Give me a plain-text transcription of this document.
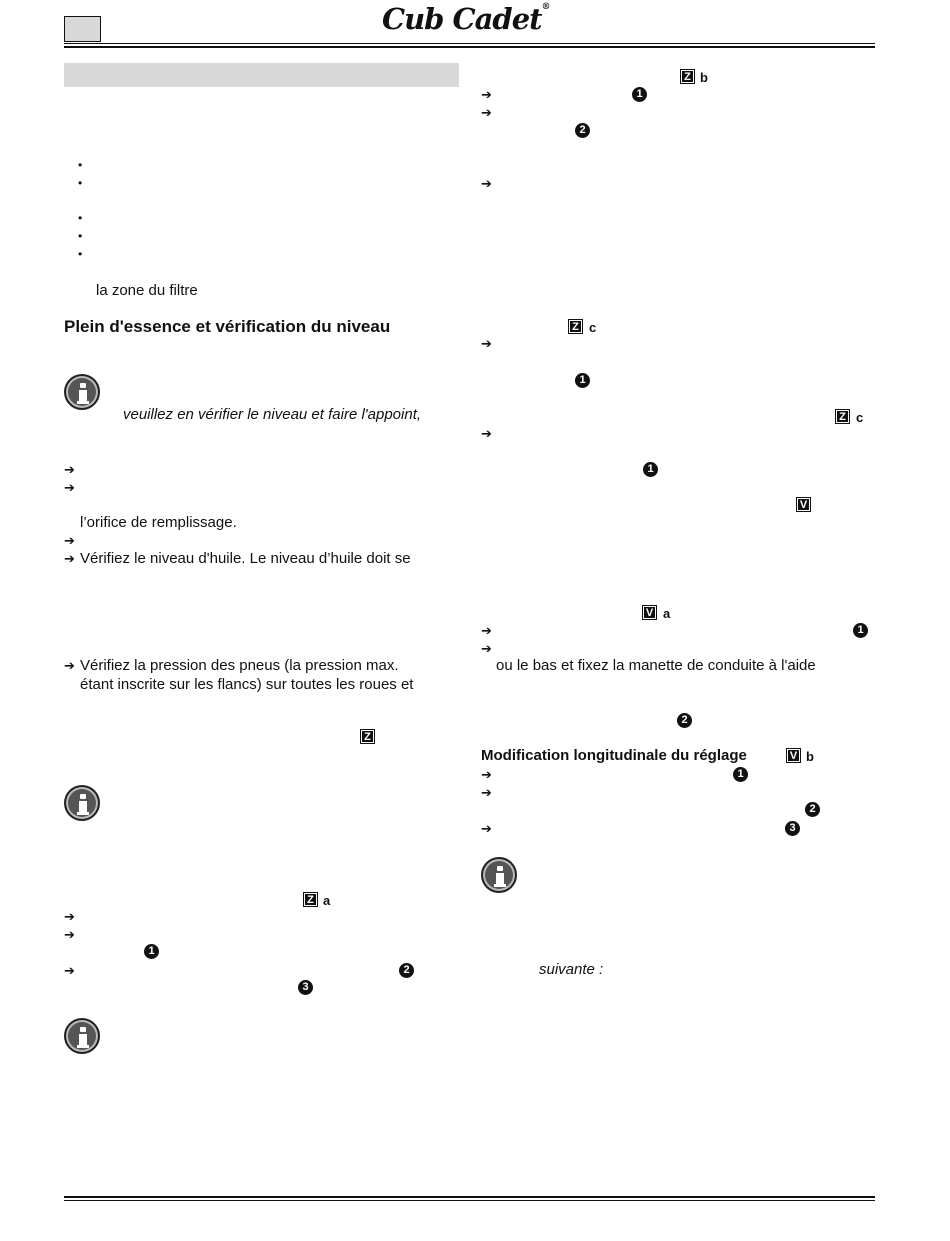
Cub Cadet®
•
•
•
•
•
la zone du filtre
Plein d'essence et vérification du niveau
veuillez en vérifier le niveau et faire l'appoint,
➔
➔
l’orifice de remplissage.
➔
➔ Vérifiez le niveau d'huile. Le niveau d’huile doit se
➔ Vérifiez la pression des pneus (la pression max.
étant inscrite sur les flancs) sur toutes les roues et
Z
Z a
➔
➔
1
➔	2
3
Z b
➔	1
➔
2
➔
Z c
➔
1
Z c
➔
1
V
V a
➔	1
➔
ou le bas et fixez la manette de conduite à l'aide
2
Modification longitudinale du réglage	V b
➔	1
➔
2
➔	3
suivante :
